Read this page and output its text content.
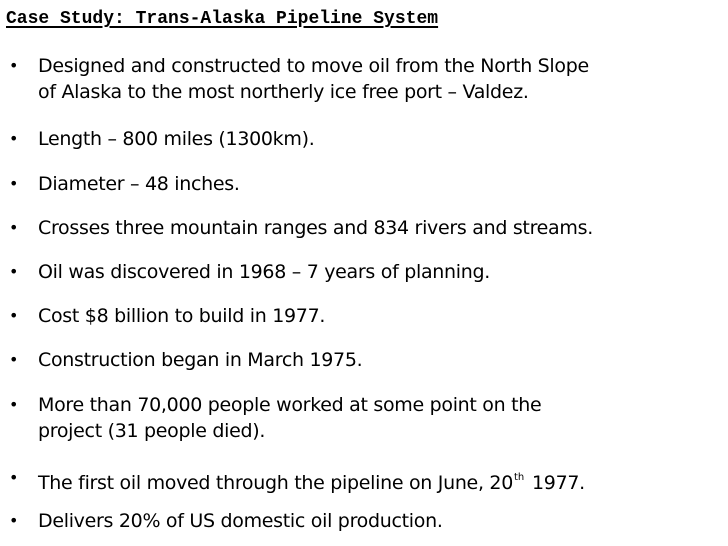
Case Study: Trans-Alaska Pipeline System
• Designed and constructed to move oil from the North Slope
of Alaska to the most northerly ice free port – Valdez.
• Length – 800 miles (1300km).
• Diameter – 48 inches.
• Crosses three mountain ranges and 834 rivers and streams.
• Oil was discovered in 1968 – 7 years of planning.
• Cost $8 billion to build in 1977.
• Construction began in March 1975.
• More than 70,000 people worked at some point on the
project (31 people died).
• The first oil moved through the pipeline on June, 20th 1977.
• Delivers 20% of US domestic oil production.
